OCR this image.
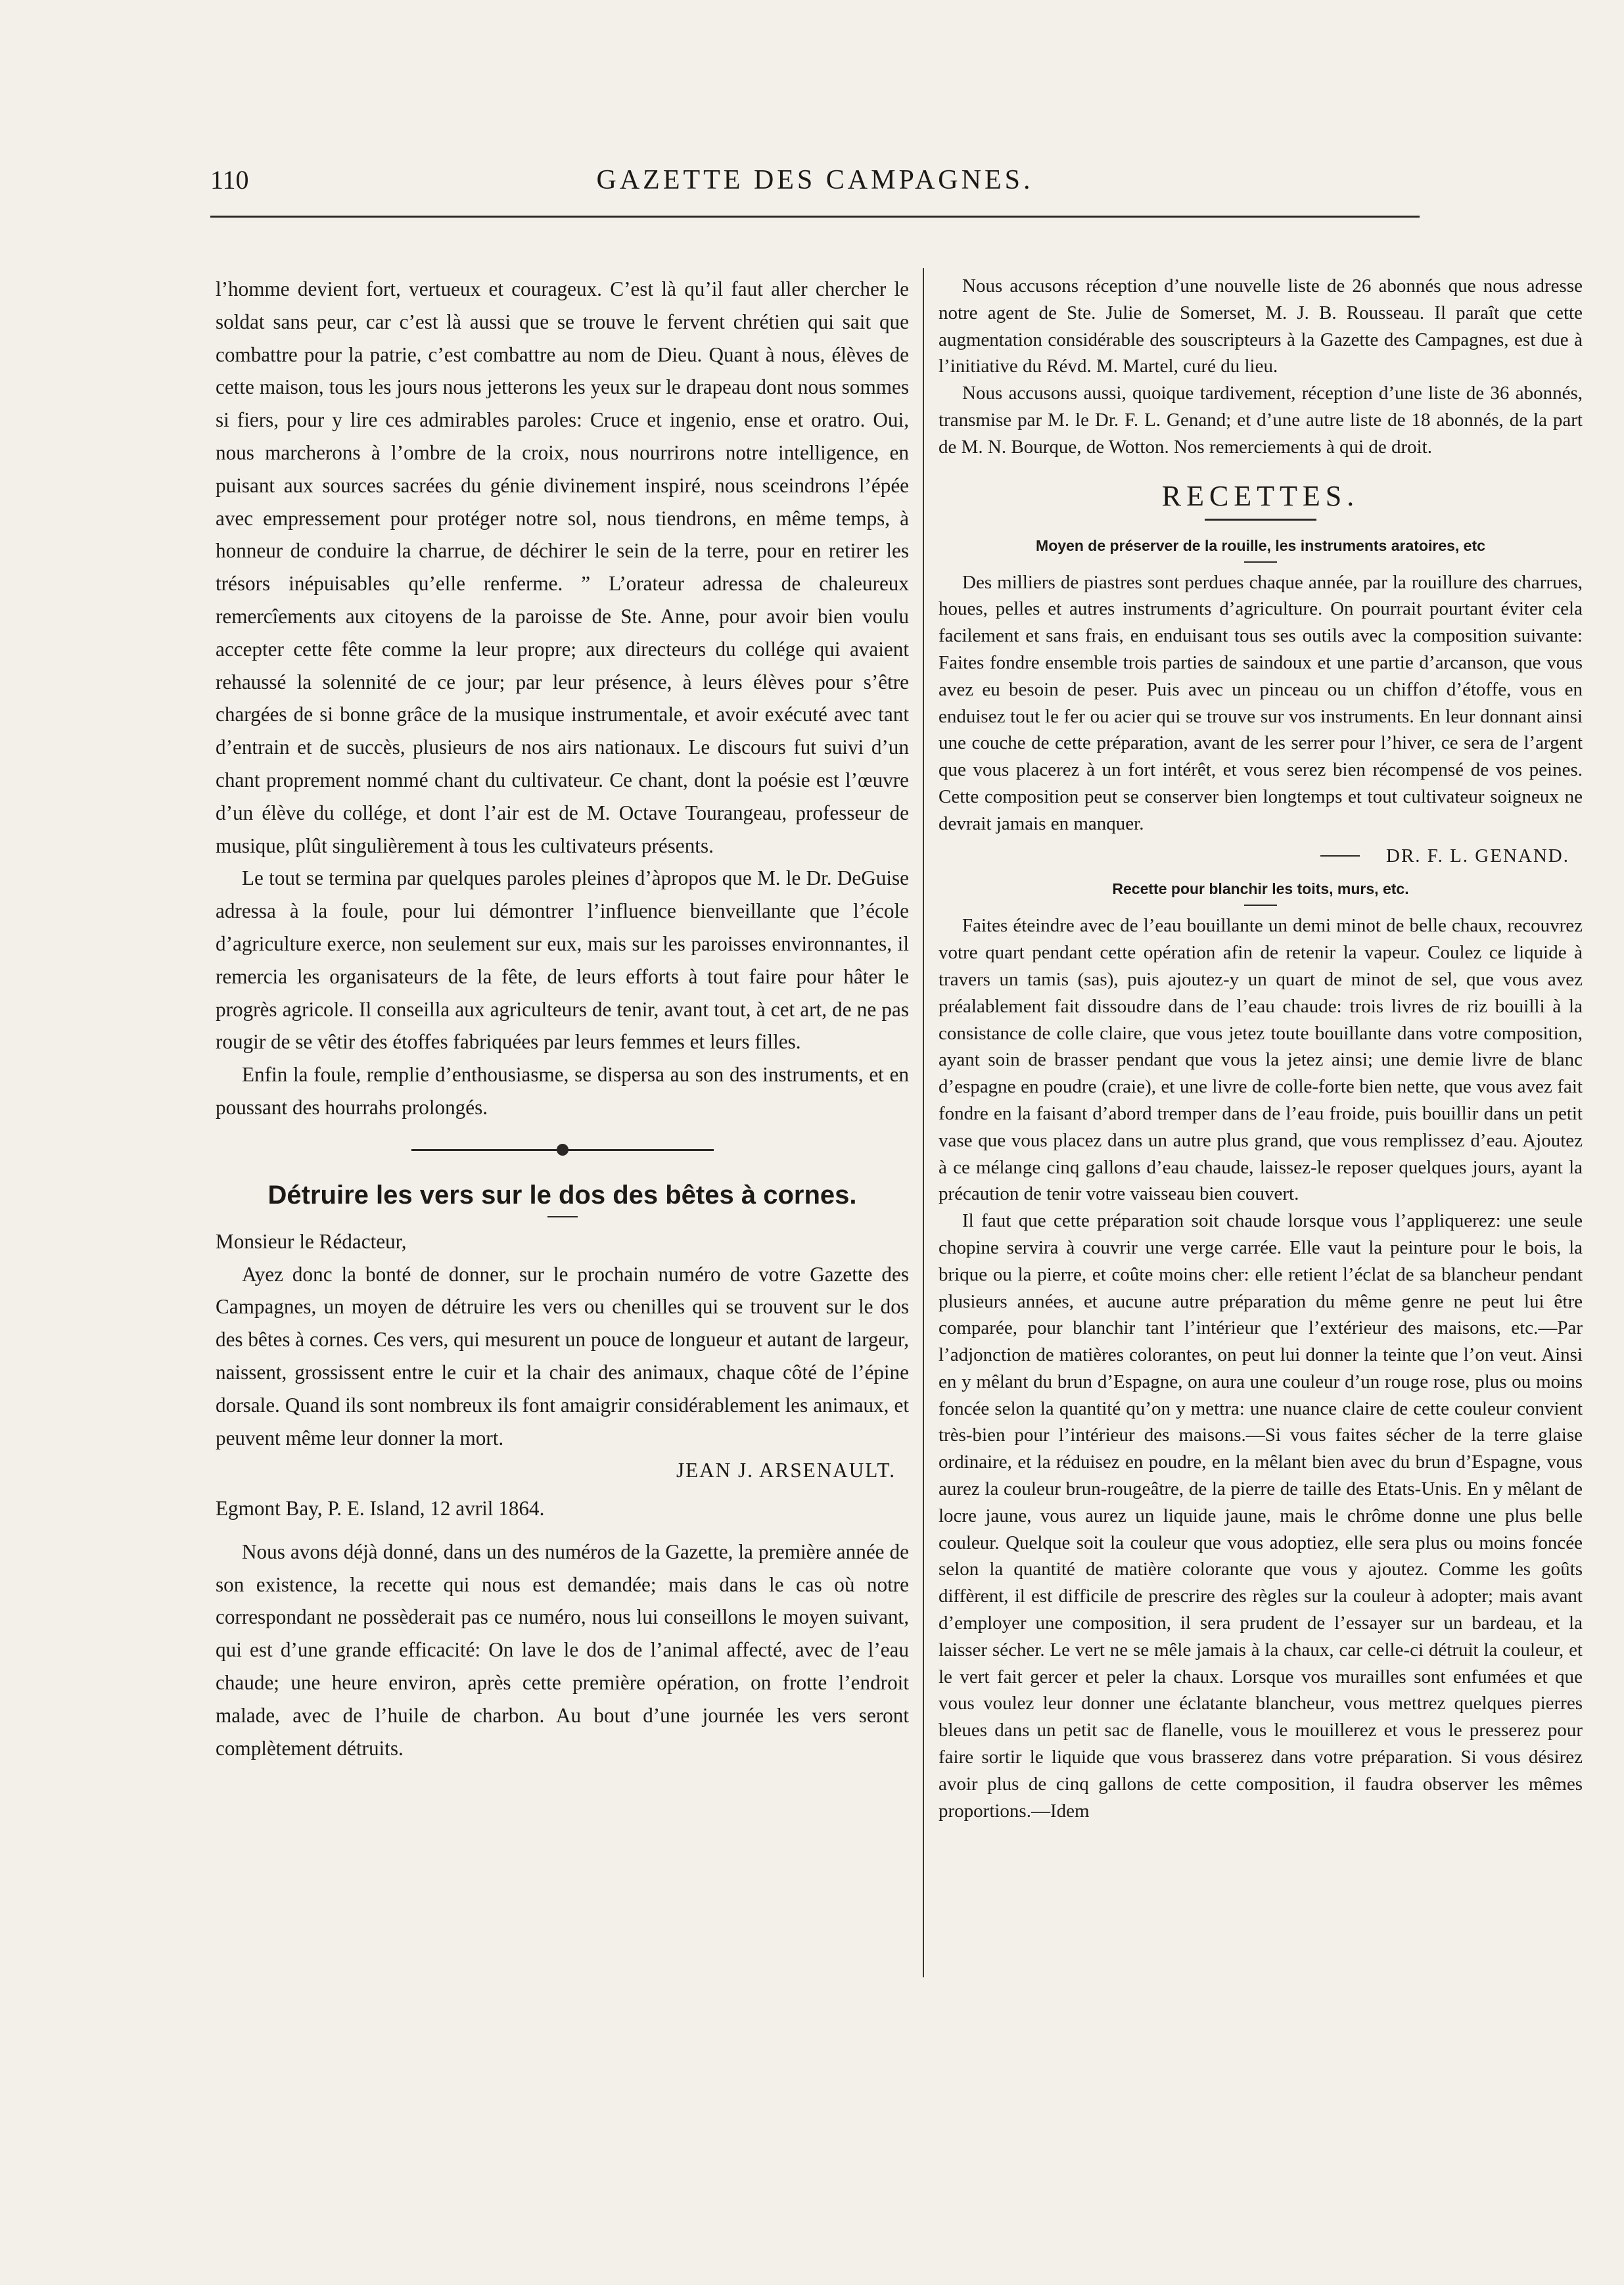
110	GAZETTE DES CAMPAGNES.

l’homme devient fort, vertueux et courageux. C’est là qu’il faut aller chercher le soldat sans peur, car c’est là aussi que se trouve le fervent chrétien qui sait que combattre pour la patrie, c’est combattre au nom de Dieu. Quant à nous, élèves de cette maison, tous les jours nous jetterons les yeux sur le drapeau dont nous sommes si fiers, pour y lire ces admirables paroles: Cruce et ingenio, ense et oratro. Oui, nous marcherons à l’ombre de la croix, nous nourrirons notre intelligence, en puisant aux sources sacrées du génie divinement inspiré, nous sceindrons l’épée avec empressement pour protéger notre sol, nous tiendrons, en même temps, à honneur de conduire la charrue, de déchirer le sein de la terre, pour en retirer les trésors inépuisables qu’elle renferme. ” L’orateur adressa de chaleureux remercîements aux citoyens de la paroisse de Ste. Anne, pour avoir bien voulu accepter cette fête comme la leur propre; aux directeurs du collége qui avaient rehaussé la solennité de ce jour; par leur présence, à leurs élèves pour s’être chargées de si bonne grâce de la musique instrumentale, et avoir exécuté avec tant d’entrain et de succès, plusieurs de nos airs nationaux. Le discours fut suivi d’un chant proprement nommé chant du cultivateur. Ce chant, dont la poésie est l’œuvre d’un élève du collége, et dont l’air est de M. Octave Tourangeau, professeur de musique, plût singulièrement à tous les cultivateurs présents.

Le tout se termina par quelques paroles pleines d’àpropos que M. le Dr. DeGuise adressa à la foule, pour lui démontrer l’influence bienveillante que l’école d’agriculture exerce, non seulement sur eux, mais sur les paroisses environnantes, il remercia les organisateurs de la fête, de leurs efforts à tout faire pour hâter le progrès agricole. Il conseilla aux agriculteurs de tenir, avant tout, à cet art, de ne pas rougir de se vêtir des étoffes fabriquées par leurs femmes et leurs filles.

Enfin la foule, remplie d’enthousiasme, se dispersa au son des instruments, et en poussant des hourrahs prolongés.

Détruire les vers sur le dos des bêtes à cornes.

Monsieur le Rédacteur,

Ayez donc la bonté de donner, sur le prochain numéro de votre Gazette des Campagnes, un moyen de détruire les vers ou chenilles qui se trouvent sur le dos des bêtes à cornes. Ces vers, qui mesurent un pouce de longueur et autant de largeur, naissent, grossissent entre le cuir et la chair des animaux, chaque côté de l’épine dorsale. Quand ils sont nombreux ils font amaigrir considérablement les animaux, et peuvent même leur donner la mort.

JEAN J. ARSENAULT.

Egmont Bay, P. E. Island, 12 avril 1864.

Nous avons déjà donné, dans un des numéros de la Gazette, la première année de son existence, la recette qui nous est demandée; mais dans le cas où notre correspondant ne possèderait pas ce numéro, nous lui conseillons le moyen suivant, qui est d’une grande efficacité: On lave le dos de l’animal affecté, avec de l’eau chaude; une heure environ, après cette première opération, on frotte l’endroit malade, avec de l’huile de charbon. Au bout d’une journée les vers seront complètement détruits.

Nous accusons réception d’une nouvelle liste de 26 abonnés que nous adresse notre agent de Ste. Julie de Somerset, M. J. B. Rousseau. Il paraît que cette augmentation considérable des souscripteurs à la Gazette des Campagnes, est due à l’initiative du Révd. M. Martel, curé du lieu.

Nous accusons aussi, quoique tardivement, réception d’une liste de 36 abonnés, transmise par M. le Dr. F. L. Genand; et d’une autre liste de 18 abonnés, de la part de M. N. Bourque, de Wotton. Nos remerciements à qui de droit.

RECETTES.

Moyen de préserver de la rouille, les instruments aratoires, etc

Des milliers de piastres sont perdues chaque année, par la rouillure des charrues, houes, pelles et autres instruments d’agriculture. On pourrait pourtant éviter cela facilement et sans frais, en enduisant tous ses outils avec la composition suivante: Faites fondre ensemble trois parties de saindoux et une partie d’arcanson, que vous avez eu besoin de peser. Puis avec un pinceau ou un chiffon d’étoffe, vous en enduisez tout le fer ou acier qui se trouve sur vos instruments. En leur donnant ainsi une couche de cette préparation, avant de les serrer pour l’hiver, ce sera de l’argent que vous placerez à un fort intérêt, et vous serez bien récompensé de vos peines. Cette composition peut se conserver bien longtemps et tout cultivateur soigneux ne devrait jamais en manquer.

DR. F. L. GENAND.

Recette pour blanchir les toits, murs, etc.

Faites éteindre avec de l’eau bouillante un demi minot de belle chaux, recouvrez votre quart pendant cette opération afin de retenir la vapeur. Coulez ce liquide à travers un tamis (sas), puis ajoutez-y un quart de minot de sel, que vous avez préalablement fait dissoudre dans de l’eau chaude: trois livres de riz bouilli à la consistance de colle claire, que vous jetez toute bouillante dans votre composition, ayant soin de brasser pendant que vous la jetez ainsi; une demie livre de blanc d’espagne en poudre (craie), et une livre de colle-forte bien nette, que vous avez fait fondre en la faisant d’abord tremper dans de l’eau froide, puis bouillir dans un petit vase que vous placez dans un autre plus grand, que vous remplissez d’eau. Ajoutez à ce mélange cinq gallons d’eau chaude, laissez-le reposer quelques jours, ayant la précaution de tenir votre vaisseau bien couvert.

Il faut que cette préparation soit chaude lorsque vous l’appliquerez: une seule chopine servira à couvrir une verge carrée. Elle vaut la peinture pour le bois, la brique ou la pierre, et coûte moins cher: elle retient l’éclat de sa blancheur pendant plusieurs années, et aucune autre préparation du même genre ne peut lui être comparée, pour blanchir tant l’intérieur que l’extérieur des maisons, etc.—Par l’adjonction de matières colorantes, on peut lui donner la teinte que l’on veut. Ainsi en y mêlant du brun d’Espagne, on aura une couleur d’un rouge rose, plus ou moins foncée selon la quantité qu’on y mettra: une nuance claire de cette couleur convient très-bien pour l’intérieur des maisons.—Si vous faites sécher de la terre glaise ordinaire, et la réduisez en poudre, en la mêlant bien avec du brun d’Espagne, vous aurez la couleur brun-rougeâtre, de la pierre de taille des Etats-Unis. En y mêlant de locre jaune, vous aurez un liquide jaune, mais le chrôme donne une plus belle couleur. Quelque soit la couleur que vous adoptiez, elle sera plus ou moins foncée selon la quantité de matière colorante que vous y ajoutez. Comme les goûts diffèrent, il est difficile de prescrire des règles sur la couleur à adopter; mais avant d’employer une composition, il sera prudent de l’essayer sur un bardeau, et la laisser sécher. Le vert ne se mêle jamais à la chaux, car celle-ci détruit la couleur, et le vert fait gercer et peler la chaux. Lorsque vos murailles sont enfumées et que vous voulez leur donner une éclatante blancheur, vous mettrez quelques pierres bleues dans un petit sac de flanelle, vous le mouillerez et vous le presserez pour faire sortir le liquide que vous brasserez dans votre préparation. Si vous désirez avoir plus de cinq gallons de cette composition, il faudra observer les mêmes proportions.—Idem
